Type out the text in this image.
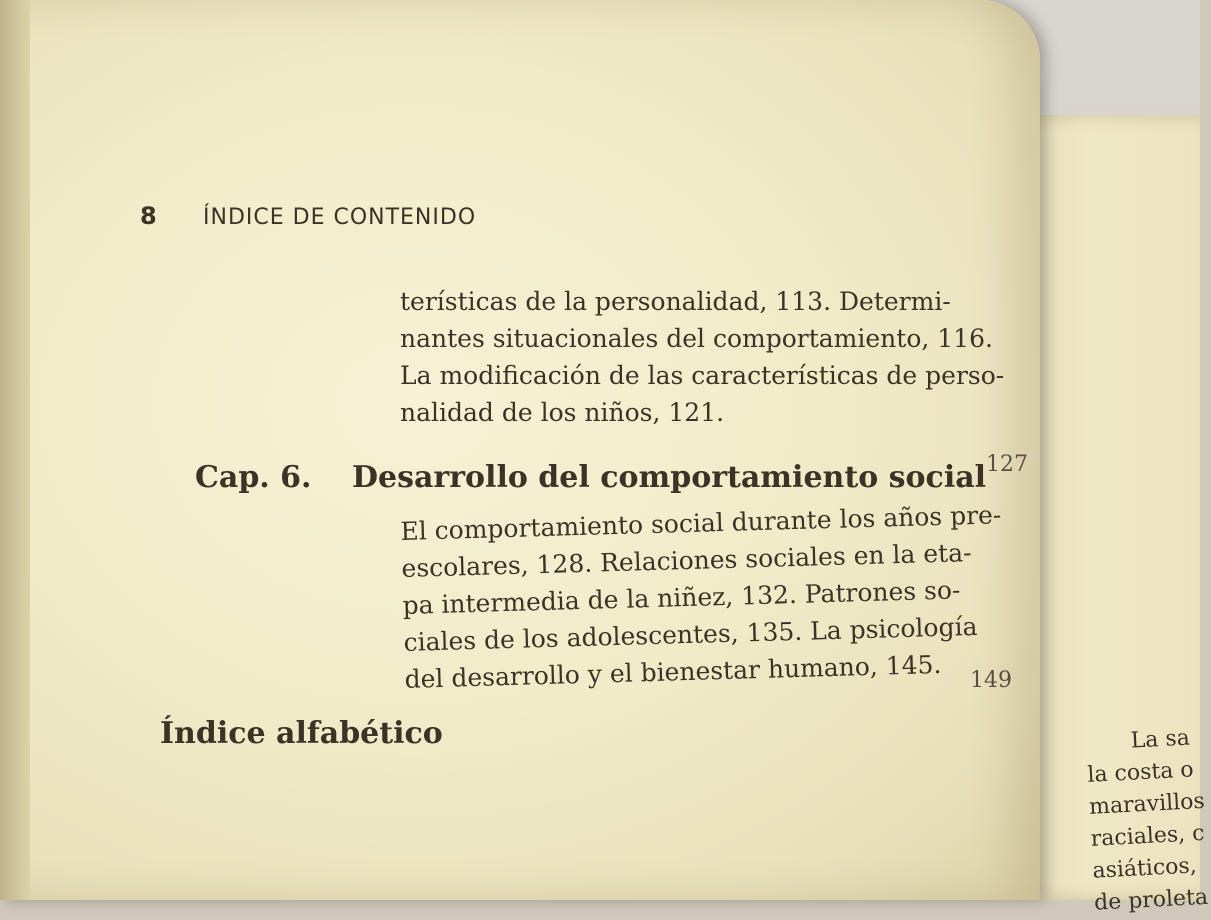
8 ÍNDICE DE CONTENIDO
terísticas de la personalidad, 113. Determi-
nantes situacionales del comportamiento, 116.
La modificación de las características de perso-
nalidad de los niños, 121.
Cap. 6. Desarrollo del comportamiento social 127
El comportamiento social durante los años pre-
escolares, 128. Relaciones sociales en la eta-
pa intermedia de la niñez, 132. Patrones so-
ciales de los adolescentes, 135. La psicología
del desarrollo y el bienestar humano, 145.	149
Índice alfabético	La sa
la costa o
maravillos
raciales, c
asiáticos,
de proleta
